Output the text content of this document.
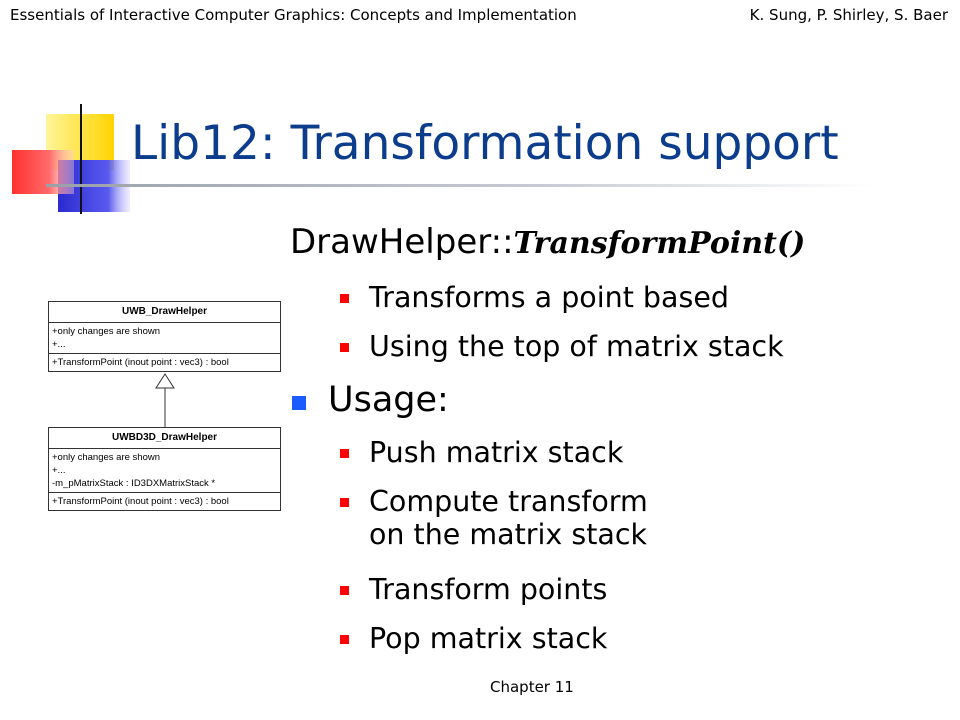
Essentials of Interactive Computer Graphics: Concepts and Implementation	K. Sung, P. Shirley, S. Baer
Lib12: Transformation support
DrawHelper::TransformPoint()
Transforms a point based
Using the top of matrix stack
Usage:
Push matrix stack
Compute transform
on the matrix stack
Transform points
Pop matrix stack
UWB_DrawHelper
+only changes are shown
+...
+TransformPoint (inout point : vec3) : bool
UWBD3D_DrawHelper
+only changes are shown
+...
-m_pMatrixStack : ID3DXMatrixStack *
+TransformPoint (inout point : vec3) : bool
Chapter 11
